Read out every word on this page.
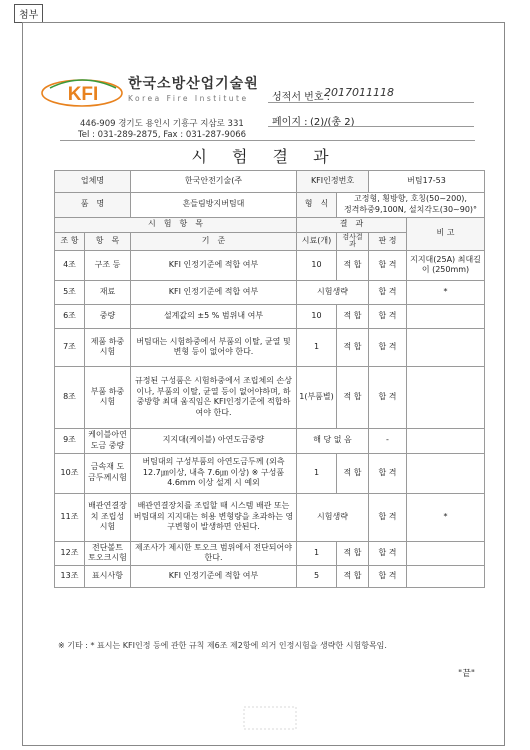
첨부
KFI 한국소방산업기술원
Korea Fire Institute
446-909 경기도 용인시 기흥구 지삼로 331
Tel : 031-289-2875, Fax : 031-287-9066
성적서 번호 :
2017011118
페이지 : (2)/(총 2)
시 험 결 과
업체명		한국안전기술(주	KFI인정번호		버팀17-53	
품　명		흔들림방지버팀대	형　식	고정형, 횡방향, 호칭(50~200),
정격하중9,100N, 설치각도(30~90)°		

시　험　항　목			결　과			비 고
조 항	항　목	기　준	시료(개)	검사결과	판 정	
4조	구조 등	KFI 인정기준에 적합 여부	10	적 합	합 격	지지대(25A) 최대길이 (250mm)
5조	재료	KFI 인정기준에 적합 여부	시험생략		합 격	*
6조	중량	설계값의 ±5 % 범위내 여부	10	적 합	합 격	
7조	제품 하중시험	버팀대는 시험하중에서 부품의 이탈, 균열 및 변형 등이 없어야 한다.	1	적 합	합 격	
8조	부품 하중시험	규정된 구성품은 시험하중에서 조립체의 손상이나, 부품의 이탈, 균열 등이 없어야하며, 하중방향 최대 움직임은 KFI인정기준에 적합하여야 한다.	1(부품별)	적 합	합 격	
9조	케이블아연 도금 중량	지지대(케이블) 아연도금중량	해 당 없 음		-	
10조	금속재 도금두께시험	버팀대의 구성부품의 아연도금두께 (외측 12.7㎛이상, 내측 7.6㎛ 이상) ※ 구성품 4.6mm 이상 설계 시 예외	1	적 합	합 격	
11조	배관연결장치 조립성시험	배관연결장치를 조립할 때 시스템 배관 또는 버팀대의 지지대는 허용 변형량을 초과하는 영구변형이 발생하면 안된다.	시험생략		합 격	*
12조	전단볼트 토오크시험	제조사가 제시한 토오크 범위에서 전단되어야 한다.	1	적 합	합 격	
13조	표시사항	KFI 인정기준에 적합 여부	5	적 합	합 격	
※ 기타 : * 표시는 KFI인정 등에 관한 규칙 제6조 제2항에 의거 인정시험을 생략한 시험항목임.
"끝"
